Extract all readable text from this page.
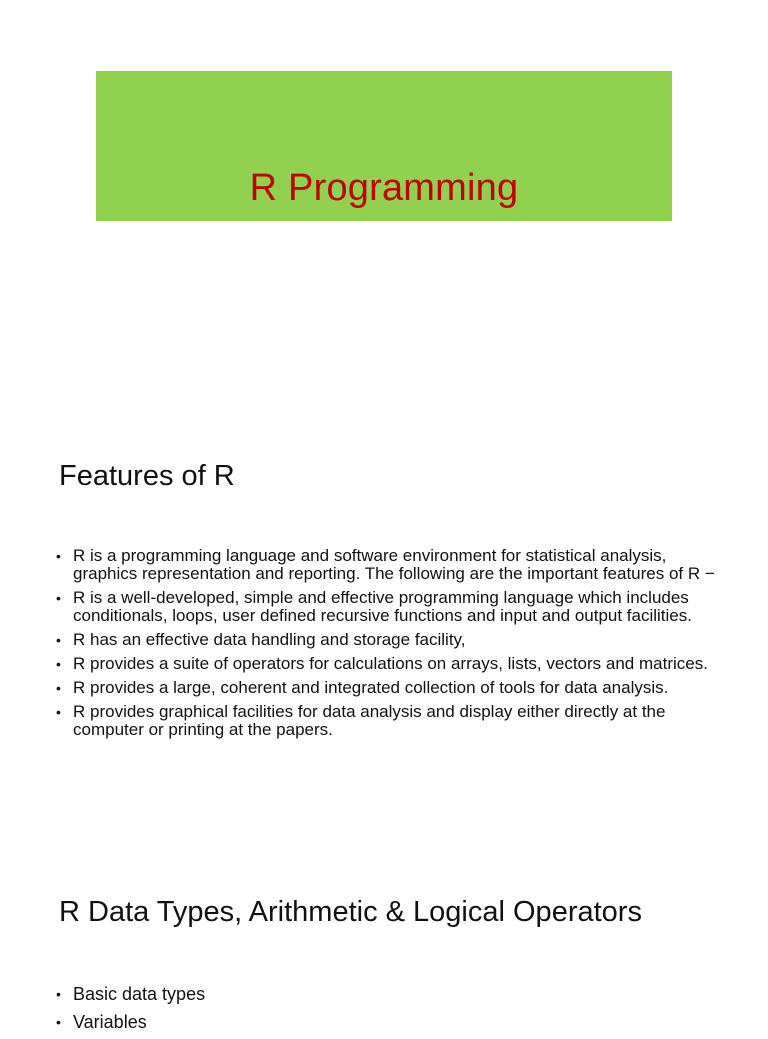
R Programming
Features of R
• R is a programming language and software environment for statistical analysis, graphics representation and reporting. The following are the important features of R −
• R is a well-developed, simple and effective programming language which includes conditionals, loops, user defined recursive functions and input and output facilities.
• R has an effective data handling and storage facility,
• R provides a suite of operators for calculations on arrays, lists, vectors and matrices.
• R provides a large, coherent and integrated collection of tools for data analysis.
• R provides graphical facilities for data analysis and display either directly at the computer or printing at the papers.
R Data Types, Arithmetic & Logical Operators
• Basic data types
• Variables
